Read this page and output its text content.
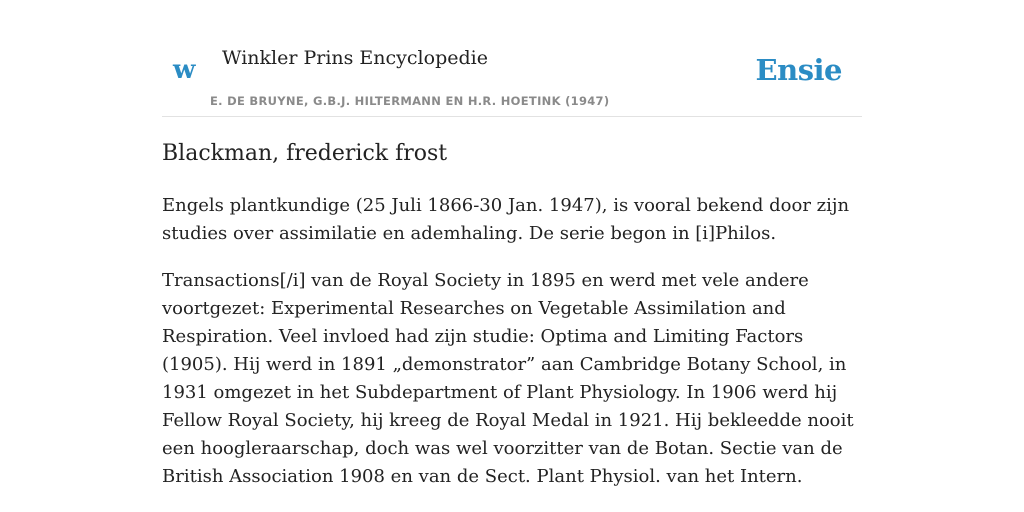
w Winkler Prins Encyclopedie
E. DE BRUYNE, G.B.J. HILTERMANN EN H.R. HOETINK (1947)
Ensie
Blackman, frederick frost

Engels plantkundige (25 Juli 1866-30 Jan. 1947), is vooral bekend door zijn studies over assimilatie en ademhaling. De serie begon in [i]Philos.

Transactions[/i] van de Royal Society in 1895 en werd met vele andere voortgezet: Experimental Researches on Vegetable Assimilation and Respiration. Veel invloed had zijn studie: Optima and Limiting Factors (1905). Hij werd in 1891 „demonstrator” aan Cambridge Botany School, in 1931 omgezet in het Subdepartment of Plant Physiology. In 1906 werd hij Fellow Royal Society, hij kreeg de Royal Medal in 1921. Hij bekleedde nooit een hoogleraarschap, doch was wel voorzitter van de Botan. Sectie van de British Association 1908 en van de Sect. Plant Physiol. van het Intern.
